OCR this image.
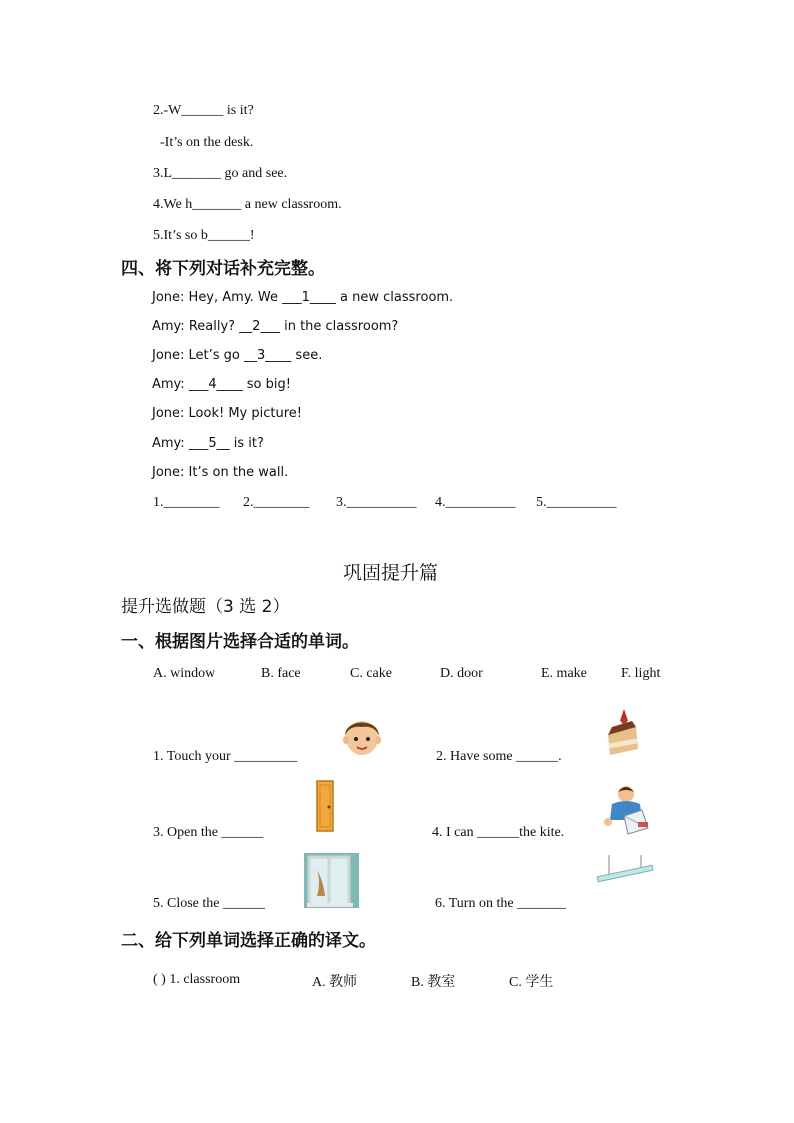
2.-W______ is it?
-It’s on the desk.
3.L_______ go and see.
4.We h_______ a new classroom.
5.It’s so b______!
四、将下列对话补充完整。
Jone: Hey, Amy. We ___1____ a new classroom.
Amy: Really? __2___ in the classroom?
Jone: Let’s go __3____ see.
Amy: ___4____ so big!
Jone: Look! My picture!
Amy: ___5__ is it?
Jone: It’s on the wall.
1.________ 2.________ 3.__________ 4.__________ 5.__________
巩固提升篇
提升选做题（3 选 2）
一、根据图片选择合适的单词。
A. window	B. face	C. cake	D. door	E. make F. light
1. Touch your _________	2. Have some ______.
3. Open the ______	4. I can ______the kite.
5. Close the ______	6. Turn on the _______
二、给下列单词选择正确的译文。
( ) 1. classroom	A. 教师	B. 教室	C. 学生
